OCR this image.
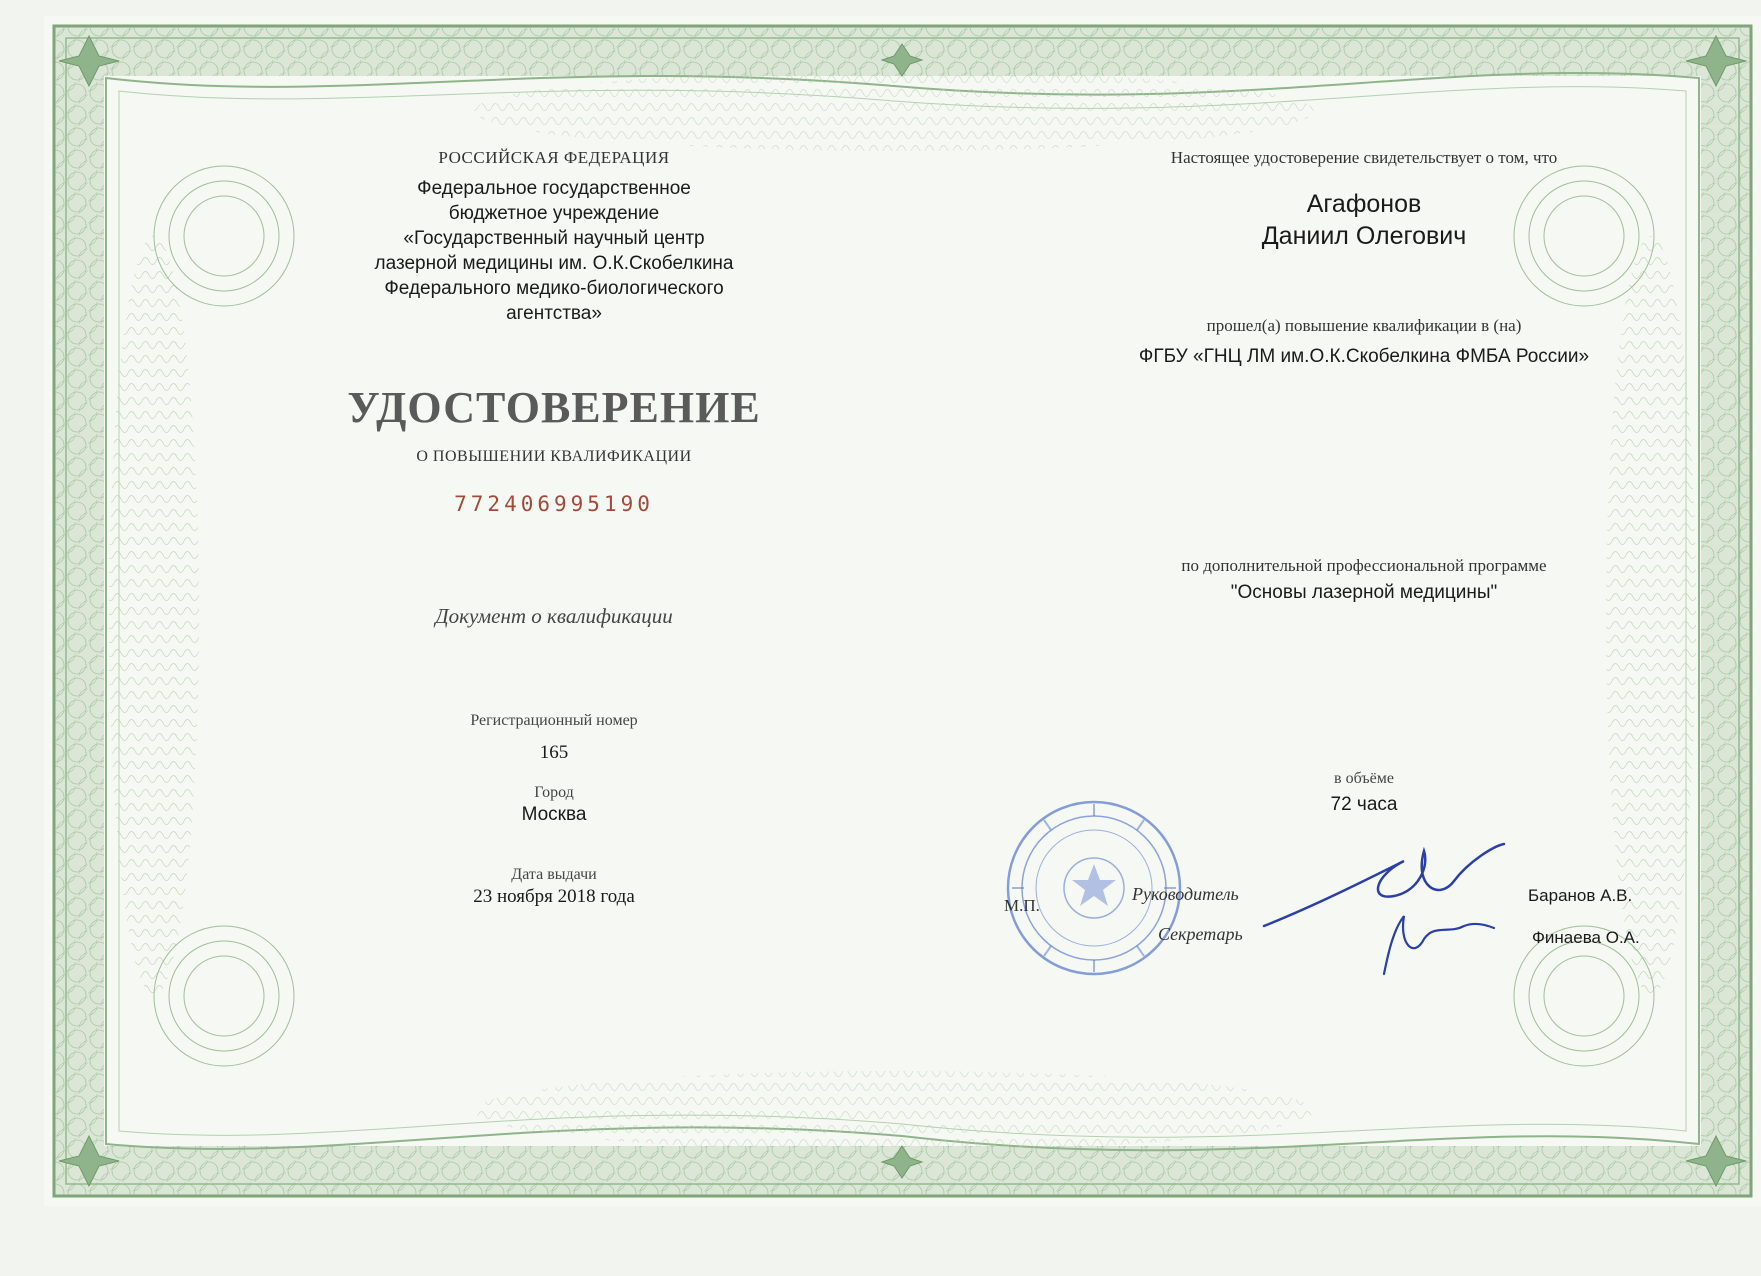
РОССИЙСКАЯ ФЕДЕРАЦИЯ
Федеральное государственное
бюджетное учреждение
«Государственный научный центр
лазерной медицины им. О.К.Скобелкина
Федерального медико-биологического
агентства»
УДОСТОВЕРЕНИЕ
О ПОВЫШЕНИИ КВАЛИФИКАЦИИ
772406995190
Документ о квалификации
Регистрационный номер
165
Город
Москва
Дата выдачи
23 ноября 2018 года
Настоящее удостоверение свидетельствует о том, что
Агафонов
Даниил Олегович
прошел(а) повышение квалификации в (на)
ФГБУ «ГНЦ ЛМ им.О.К.Скобелкина ФМБА России»
по дополнительной профессиональной программе
"Основы лазерной медицины"
в объёме
72 часа
М.П.
Руководитель
Секретарь
Баранов А.В.
Финаева О.А.
